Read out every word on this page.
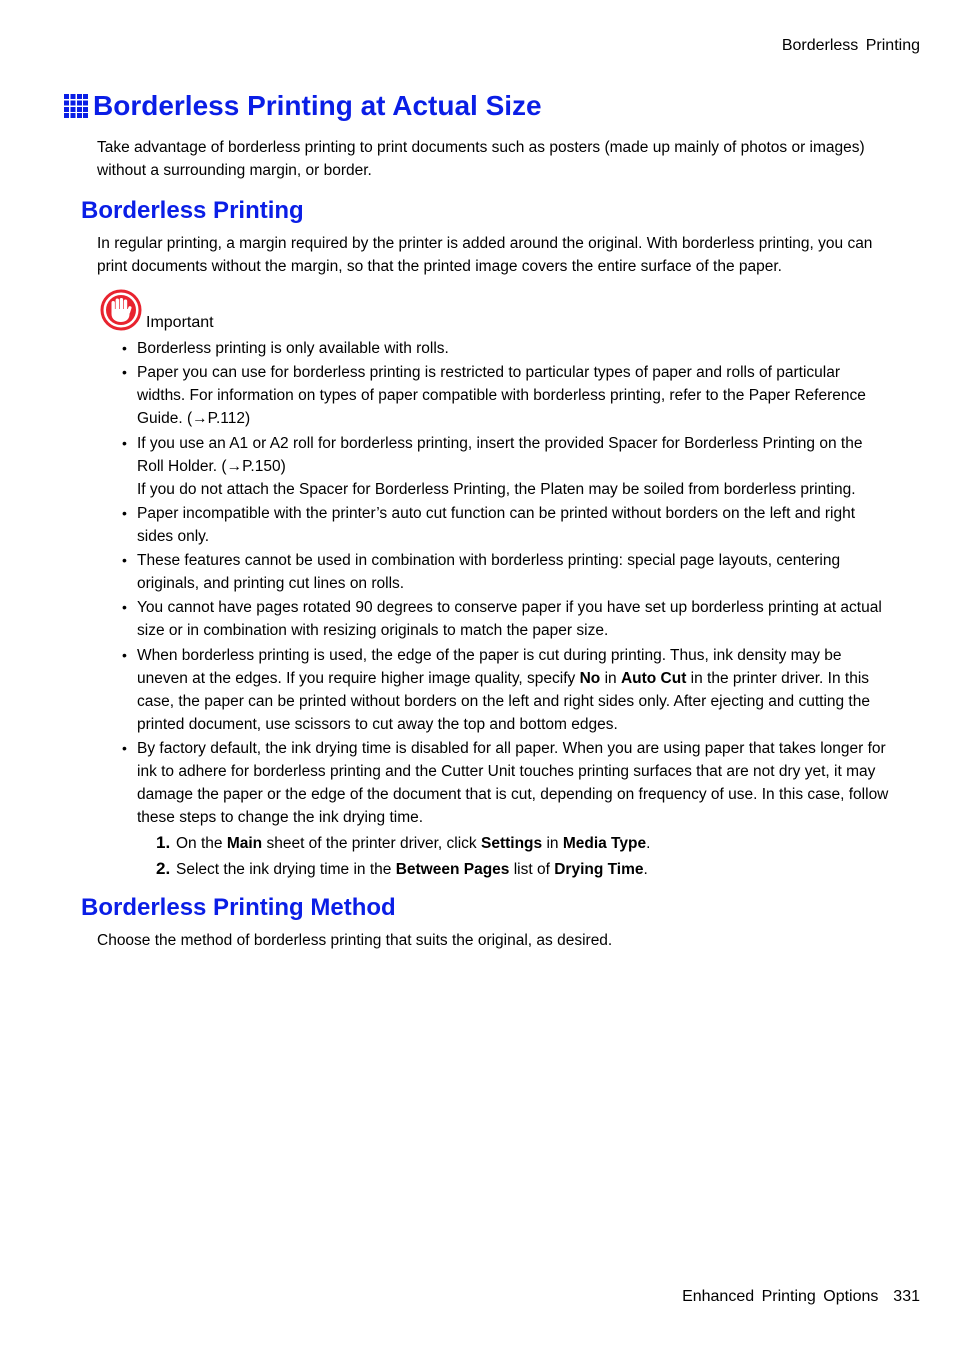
Borderless Printing
Borderless Printing at Actual Size
Take advantage of borderless printing to print documents such as posters (made up mainly of photos or images) without a surrounding margin, or border.
Borderless Printing
In regular printing, a margin required by the printer is added around the original. With borderless printing, you can print documents without the margin, so that the printed image covers the entire surface of the paper.
Important
• Borderless printing is only available with rolls.
• Paper you can use for borderless printing is restricted to particular types of paper and rolls of particular widths. For information on types of paper compatible with borderless printing, refer to the Paper Reference Guide. (→P.112)
• If you use an A1 or A2 roll for borderless printing, insert the provided Spacer for Borderless Printing on the Roll Holder. (→P.150)
If you do not attach the Spacer for Borderless Printing, the Platen may be soiled from borderless printing.
• Paper incompatible with the printer’s auto cut function can be printed without borders on the left and right sides only.
• These features cannot be used in combination with borderless printing: special page layouts, centering originals, and printing cut lines on rolls.
• You cannot have pages rotated 90 degrees to conserve paper if you have set up borderless printing at actual size or in combination with resizing originals to match the paper size.
• When borderless printing is used, the edge of the paper is cut during printing. Thus, ink density may be uneven at the edges. If you require higher image quality, specify No in Auto Cut in the printer driver. In this case, the paper can be printed without borders on the left and right sides only. After ejecting and cutting the printed document, use scissors to cut away the top and bottom edges.
• By factory default, the ink drying time is disabled for all paper. When you are using paper that takes longer for ink to adhere for borderless printing and the Cutter Unit touches printing surfaces that are not dry yet, it may damage the paper or the edge of the document that is cut, depending on frequency of use. In this case, follow these steps to change the ink drying time.
1. On the Main sheet of the printer driver, click Settings in Media Type.
2. Select the ink drying time in the Between Pages list of Drying Time.
Borderless Printing Method
Choose the method of borderless printing that suits the original, as desired.
Enhanced Printing Options 331
